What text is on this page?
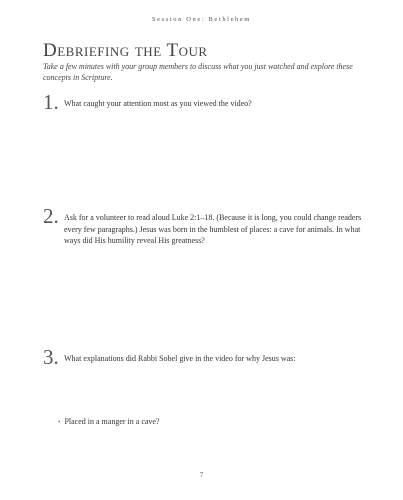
Session One: Bethlehem
Debriefing the Tour
Take a few minutes with your group members to discuss what you just watched and explore these concepts in Scripture.
1. What caught your attention most as you viewed the video?
2. Ask for a volunteer to read aloud Luke 2:1–18. (Because it is long, you could change readers every few paragraphs.) Jesus was born in the humblest of places: a cave for animals. In what ways did His humility reveal His greatness?
3. What explanations did Rabbi Sobel give in the video for why Jesus was:
• Placed in a manger in a cave?
7
